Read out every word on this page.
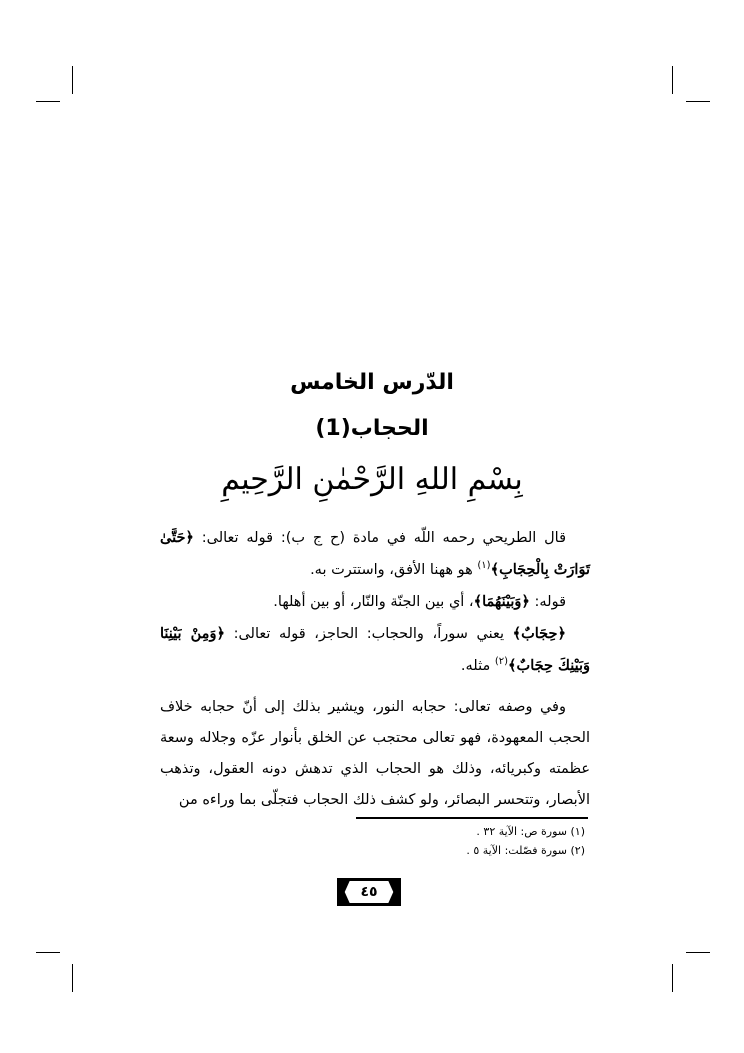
الدّرس الخامس
الحجاب(1)
بِسْمِ اللهِ الرَّحْمٰنِ الرَّحِيمِ

قال الطريحي رحمه اللّه في مادة (ح ج ب): قوله تعالى: ﴿حَتَّىٰ تَوَارَتْ بِالْحِجَابِ﴾$^{(١)}$ هو ههنا الأفق، واستترت به.

قوله: ﴿وَبَيْنَهُمَا﴾، أي بين الجنّة والنّار، أو بين أهلها.

﴿حِجَابٌ﴾ يعني سوراً، والحجاب: الحاجز، قوله تعالى: ﴿وَمِنْ بَيْنِنَا وَبَيْنِكَ حِجَابٌ﴾$^{(٢)}$ مثله.

وفي وصفه تعالى: حجابه النور، ويشير بذلك إلى أنّ حجابه خلاف الحجب المعهودة، فهو تعالى محتجب عن الخلق بأنوار عزّه وجلاله وسعة عظمته وكبريائه، وذلك هو الحجاب الذي تدهش دونه العقول، وتذهب الأبصار، وتتحسر البصائر، ولو كشف ذلك الحجاب فتجلّى بما وراءه من

(١) سورة ص: الآية ٣٢ .
(٢) سورة فصّلت: الآية ٥ .
٤٥
